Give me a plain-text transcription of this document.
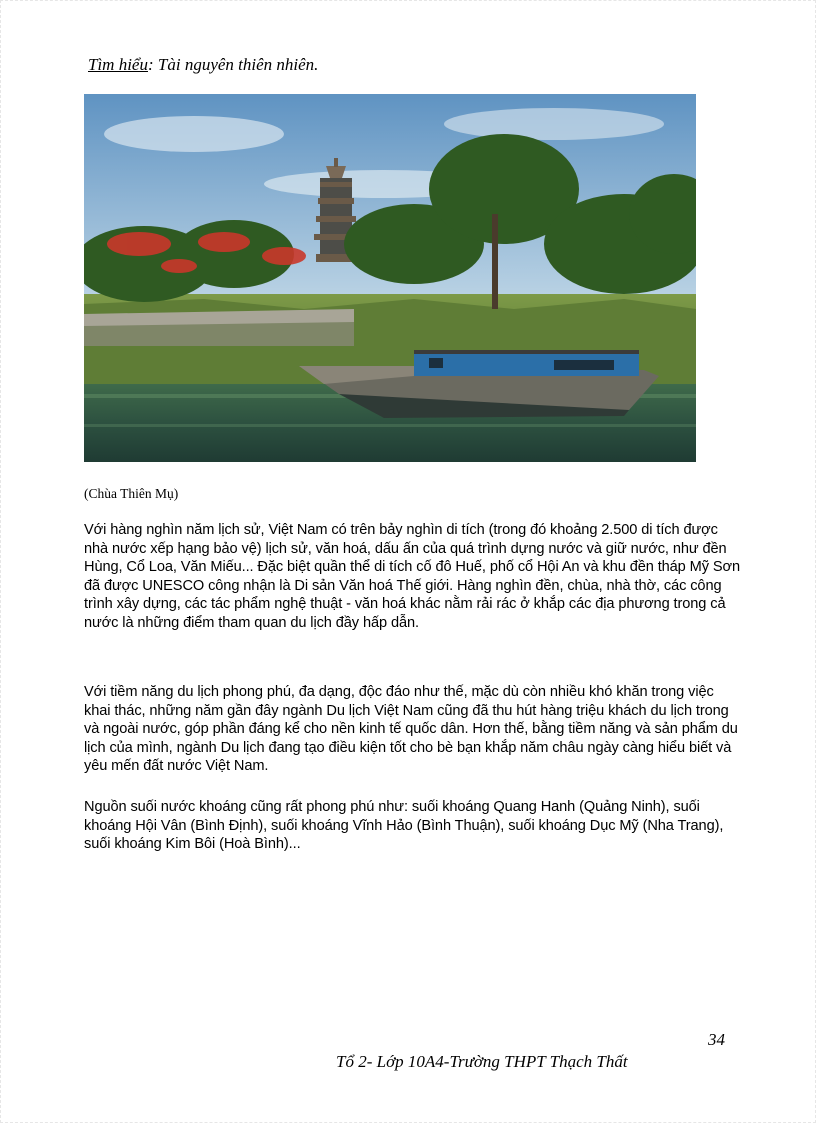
Tìm hiểu: Tài nguyên thiên nhiên.
(Chùa Thiên Mụ)

Với hàng nghìn năm lịch sử, Việt Nam có trên bảy nghìn di tích (trong đó khoảng 2.500 di tích được nhà nước xếp hạng bảo vệ) lịch sử, văn hoá, dấu ấn của quá trình dựng nước và giữ nước, như đền Hùng, Cổ Loa, Văn Miếu... Đặc biệt quần thể di tích cố đô Huế, phố cổ Hội An và khu đền tháp Mỹ Sơn đã được UNESCO công nhận là Di sản Văn hoá Thế giới. Hàng nghìn đền, chùa, nhà thờ, các công trình xây dựng, các tác phẩm nghệ thuật - văn hoá khác nằm rải rác ở khắp các địa phương trong cả nước là những điểm tham quan du lịch đầy hấp dẫn.

Với tiềm năng du lịch phong phú, đa dạng, độc đáo như thế, mặc dù còn nhiều khó khăn trong việc khai thác, những năm gần đây ngành Du lịch Việt Nam cũng đã thu hút hàng triệu khách du lịch trong và ngoài nước, góp phần đáng kể cho nền kinh tế quốc dân. Hơn thế, bằng tiềm năng và sản phẩm du lịch của mình, ngành Du lịch đang tạo điều kiện tốt cho bè bạn khắp năm châu ngày càng hiểu biết và yêu mến đất nước Việt Nam.

Nguồn suối nước khoáng cũng rất phong phú như: suối khoáng Quang Hanh (Quảng Ninh), suối khoáng Hội Vân (Bình Định), suối khoáng Vĩnh Hảo (Bình Thuận), suối khoáng Dục Mỹ (Nha Trang), suối khoáng Kim Bôi (Hoà Bình)...

34
Tổ 2- Lớp 10A4-Trường THPT Thạch Thất
